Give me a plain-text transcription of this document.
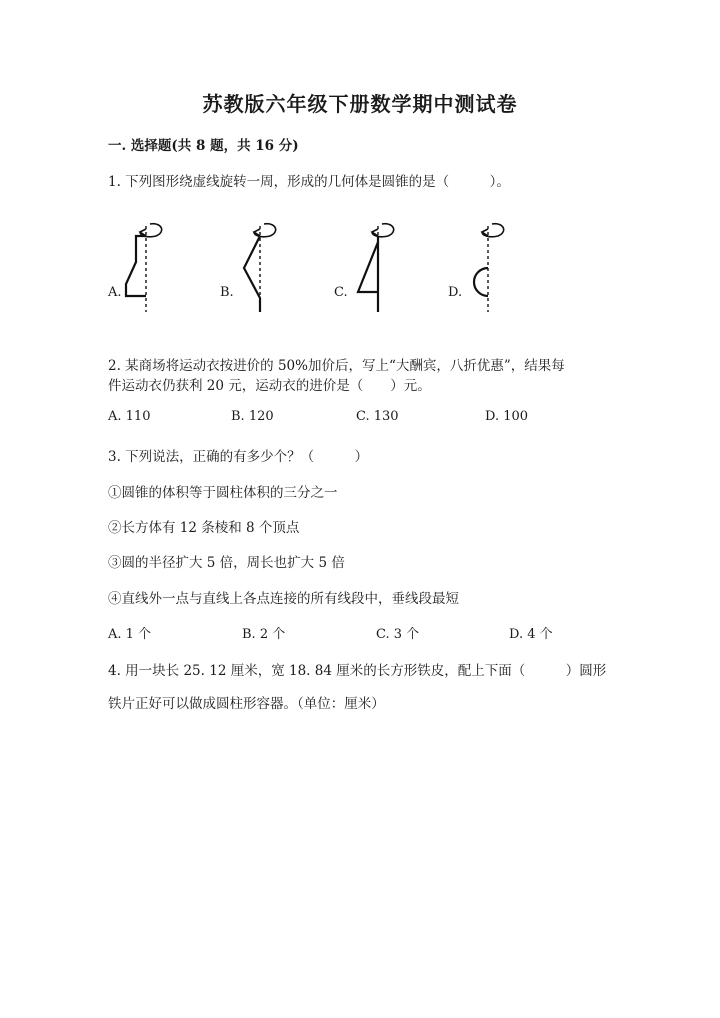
苏教版六年级下册数学期中测试卷
一. 选择题(共 8 题，共 16 分)
1. 下列图形绕虚线旋转一周，形成的几何体是圆锥的是（　　　）。
A.	B.	C.	D.
2. 某商场将运动衣按进价的 50%加价后，写上“大酬宾，八折优惠”，结果每
件运动衣仍获利 20 元，运动衣的进价是（　　）元。
A. 110	B. 120	C. 130	D. 100
3. 下列说法，正确的有多少个？（　　　）
①圆锥的体积等于圆柱体积的三分之一
②长方体有 12 条棱和 8 个顶点
③圆的半径扩大 5 倍，周长也扩大 5 倍
④直线外一点与直线上各点连接的所有线段中，垂线段最短
A. 1 个	B. 2 个	C. 3 个	D. 4 个
4. 用一块长 25. 12 厘米，宽 18. 84 厘米的长方形铁皮，配上下面（　　　）圆形
铁片正好可以做成圆柱形容器。（单位：厘米）
